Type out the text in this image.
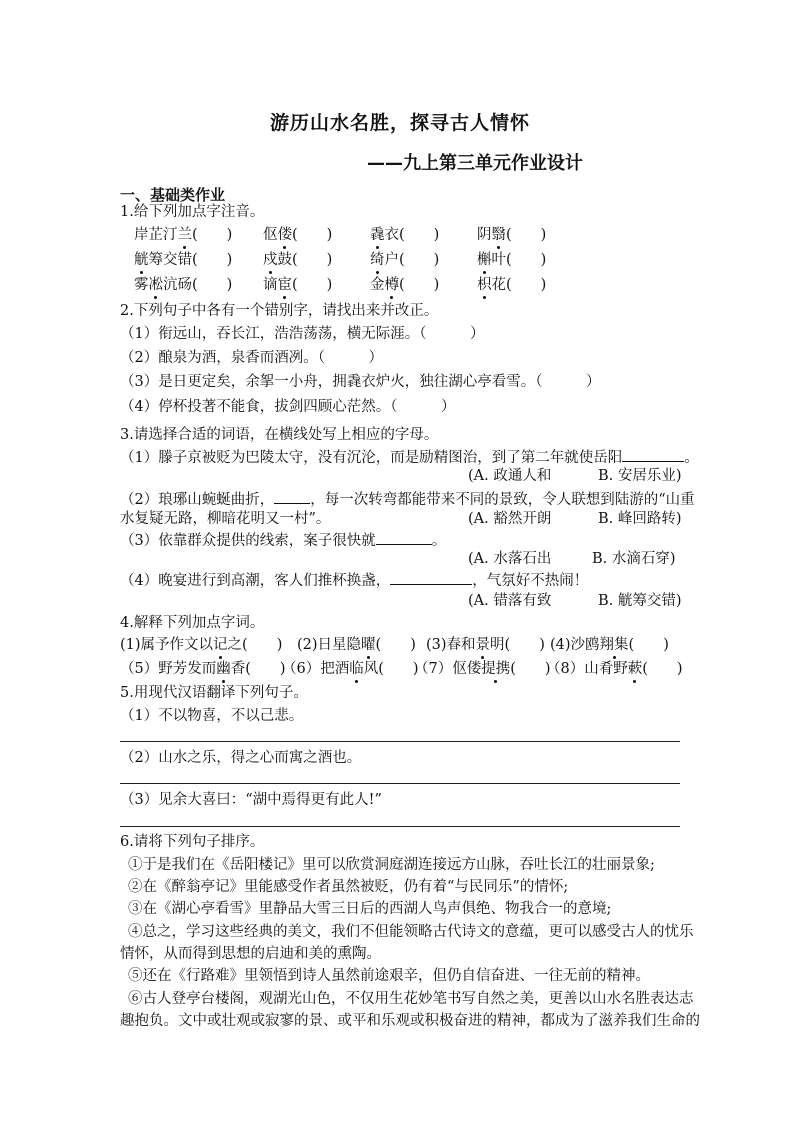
游历山水名胜，探寻古人情怀
——九上第三单元作业设计
一、基础类作业
1.给下列加点字注音。
岸芷汀兰(　　) 伛偻(　　)	毳衣(　　)	阴翳(　　)
觥筹交错(　　) 戍鼓(　　)	绮户(　　)	槲叶(　　)
雾凇沆砀(　　) 谪宦(　　)	金樽(　　)	枳花(　　)
2.下列句子中各有一个错别字，请找出来并改正。
（1）衔远山，吞长江，浩浩荡荡，横无际涯。（　　　）
（2）酿泉为酒，泉香而酒冽。（　　　）
（3）是日更定矣，余挐一小舟，拥毳衣炉火，独往湖心亭看雪。（　　　）
（4）停杯投著不能食，拔剑四顾心茫然。（　　　）
3.请选择合适的词语，在横线处写上相应的字母。
（1）滕子京被贬为巴陵太守，没有沉沦，而是励精图治，到了第二年就使岳阳	。
(A. 政通人和	B. 安居乐业)
（2）琅琊山蜿蜒曲折， ，每一次转弯都能带来不同的景致，令人联想到陆游的“山重
水复疑无路，柳暗花明又一村”。	(A. 豁然开朗	B. 峰回路转)
（3）依靠群众提供的线索，案子很快就	。
(A. 水落石出	B. 水滴石穿)
（4）晚宴进行到高潮，客人们推杯换盏，	，气氛好不热闹！
(A. 错落有致	B. 觥筹交错)
4.解释下列加点字词。
(1)属予作文以记之(　　) (2)日星隐曜(　　) (3)春和景明(　　) (4)沙鸥翔集(　　)
（5）野芳发而幽香(　　)
（6）把酒临风(　　)
（7）伛偻提携(　　)
（8）山肴野蔌(　　)
5.用现代汉语翻译下列句子。
（1）不以物喜，不以己悲。
（2）山水之乐，得之心而寓之酒也。
（3）见余大喜曰：“湖中焉得更有此人!”
6.请将下列句子排序。
①于是我们在《岳阳楼记》里可以欣赏洞庭湖连接远方山脉，吞吐长江的壮丽景象;
②在《醉翁亭记》里能感受作者虽然被贬，仍有着“与民同乐”的情怀;
③在《湖心亭看雪》里静品大雪三日后的西湖人鸟声俱绝、物我合一的意境;
④总之，学习这些经典的美文，我们不但能领略古代诗文的意蕴，更可以感受古人的忧乐
情怀，从而得到思想的启迪和美的熏陶。
⑤还在《行路难》里领悟到诗人虽然前途艰辛，但仍自信奋进、一往无前的精神。
⑥古人登亭台楼阁，观湖光山色，不仅用生花妙笔书写自然之美，更善以山水名胜表达志
趣抱负。文中或壮观或寂寥的景、或平和乐观或积极奋进的精神，都成为了滋养我们生命的
